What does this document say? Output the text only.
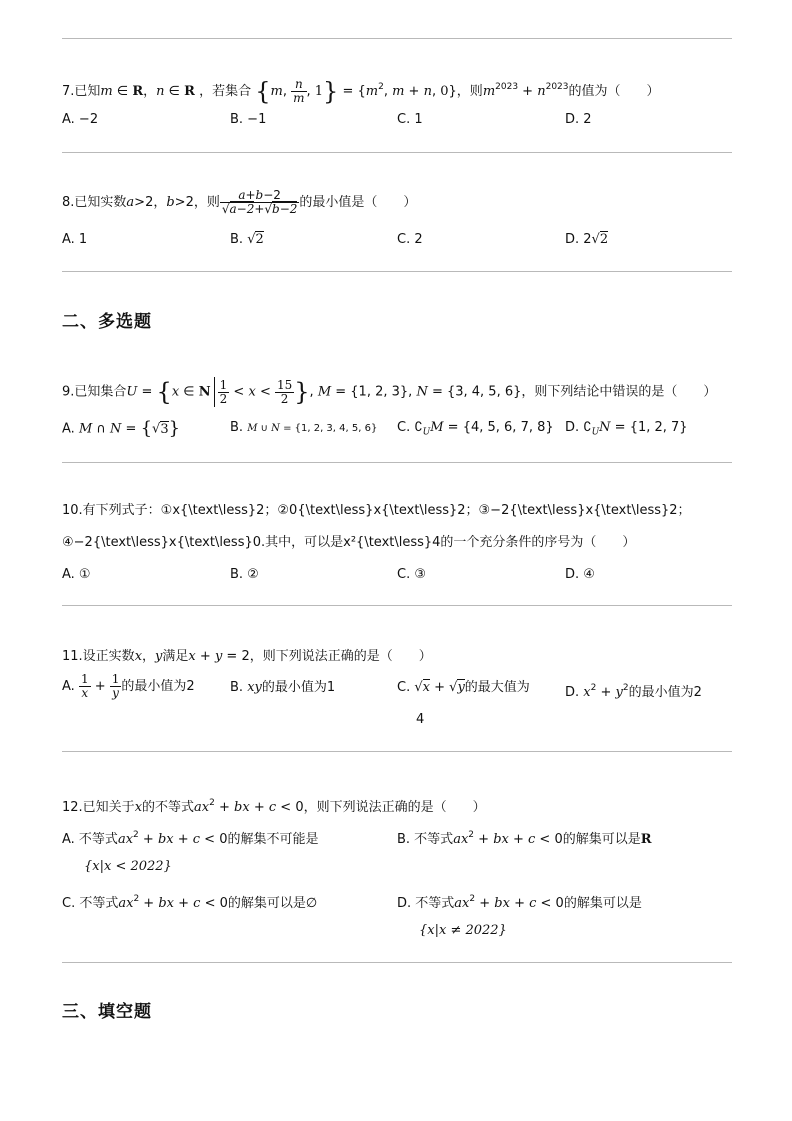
7.已知m ∈ R，n ∈ R ，若集合 {m, $\frac{n}{m}$ , $1\} = \{m^2$, m + n, 0}，则$m^{2023} + n^{2023}$的值为（　　）
A. −2	B. −1	C. 1	D. 2
8.已知实数a>2，b>2，则 $\frac{a+b-2}{√a-2+√b-2}$ 的最小值是（　　）
A. 1	B. √2	C. 2	D. 2√2
二、多选题
9.已知集合U = {x ∈ N $\frac{1}{2} < x < \frac{15}{2}$ }, M = {1, 2, 3}, N = {3, 4, 5, 6}，则下列结论中错误的是（　　）
A. M ∩ N = {√3}	B. M ∪ N = {1, 2, 3, 4, 5, 6} C. $∁_UM = \{4$, 5, 6, 7, 8} D. $∁_UN = \{1$, 2, 7}
10.有下列式子：①x{\text\less}2；②0{\text\less}x{\text\less}2；③−2{\text\less}x{\text\less}2；
④−2{\text\less}x{\text\less}0.其中，可以是x²{\text\less}4的一个充分条件的序号为（　　）
A. ①	B. ②	C. ③	D. ④
11.设正实数x，y满足x + y = 2，则下列说法正确的是（　　）
A. $\frac{1}{x} + \frac{1}{y}$ 的最小值为2	B. xy的最小值为1	C. √x + √y的最大值为	D. $x^2 + y^2$的最小值为2
4
12.已知关于x的不等式$ax^2$ + bx + c < 0，则下列说法正确的是（　　）
A. 不等式$ax^2$ + bx + c < 0的解集不可能是
{x|x < 2022}
B. 不等式$ax^2$ + bx + c < 0的解集可以是R
C. 不等式$ax^2$ + bx + c < 0的解集可以是∅	D. 不等式$ax^2$ + bx + c < 0的解集可以是
{x|x ≠ 2022}
三、填空题
